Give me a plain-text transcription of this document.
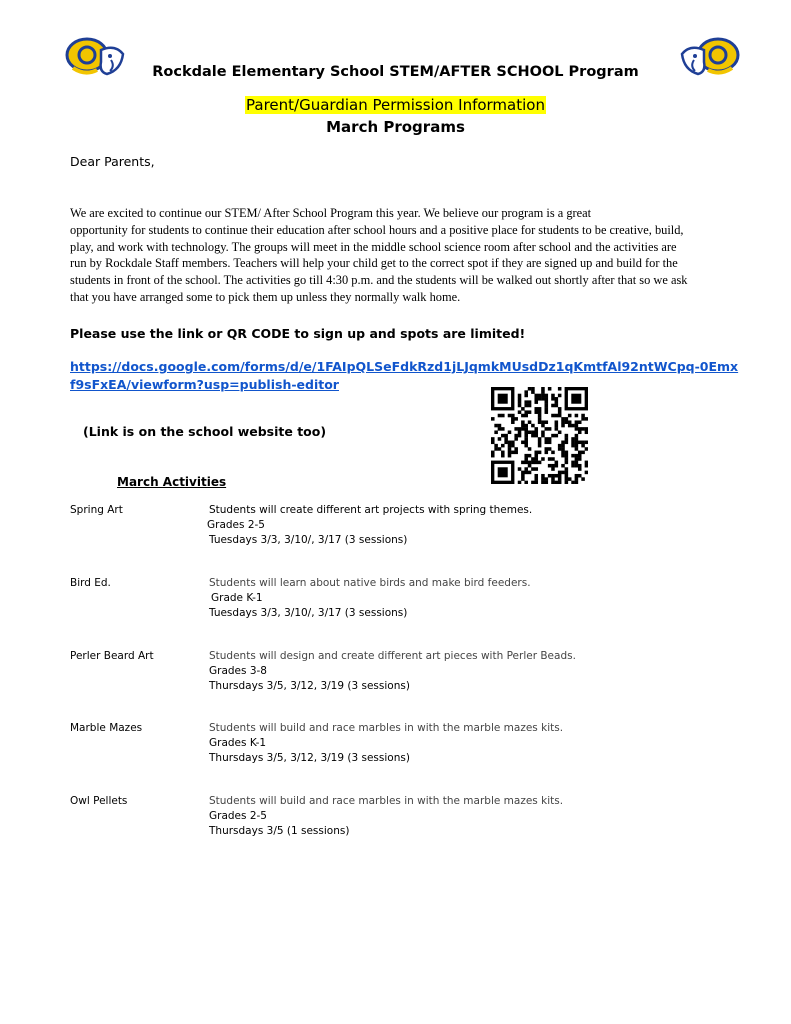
Rockdale Elementary School STEM/AFTER SCHOOL Program
Parent/Guardian Permission Information
March Programs
Dear Parents,
We are excited to continue our STEM/ After School Program this year. We believe our program is a great
opportunity for students to continue their education after school hours and a positive place for students to be creative, build,
play, and work with technology. The groups will meet in the middle school science room after school and the activities are
run by Rockdale Staff members. Teachers will help your child get to the correct spot if they are signed up and build for the
students in front of the school. The activities go till 4:30 p.m. and the students will be walked out shortly after that so we ask
that you have arranged some to pick them up unless they normally walk home.
Please use the link or QR CODE to sign up and spots are limited!
https://docs.google.com/forms/d/e/1FAIpQLSeFdkRzd1jLJqmkMUsdDz1qKmtfAl92ntWCpq-0Emx
f9sFxEA/viewform?usp=publish-editor
(Link is on the school website too)
March Activities
Spring Art	Students will create different art projects with spring themes.
Grades 2-5
Tuesdays 3/3, 3/10/, 3/17 (3 sessions)
Bird Ed.	Students will learn about native birds and make bird feeders.
Grade K-1
Tuesdays 3/3, 3/10/, 3/17 (3 sessions)
Perler Beard Art	Students will design and create different art pieces with Perler Beads.
Grades 3-8
Thursdays 3/5, 3/12, 3/19 (3 sessions)
Marble Mazes	Students will build and race marbles in with the marble mazes kits.
Grades K-1
Thursdays 3/5, 3/12, 3/19 (3 sessions)
Owl Pellets	Students will build and race marbles in with the marble mazes kits.
Grades 2-5
Thursdays 3/5 (1 sessions)
